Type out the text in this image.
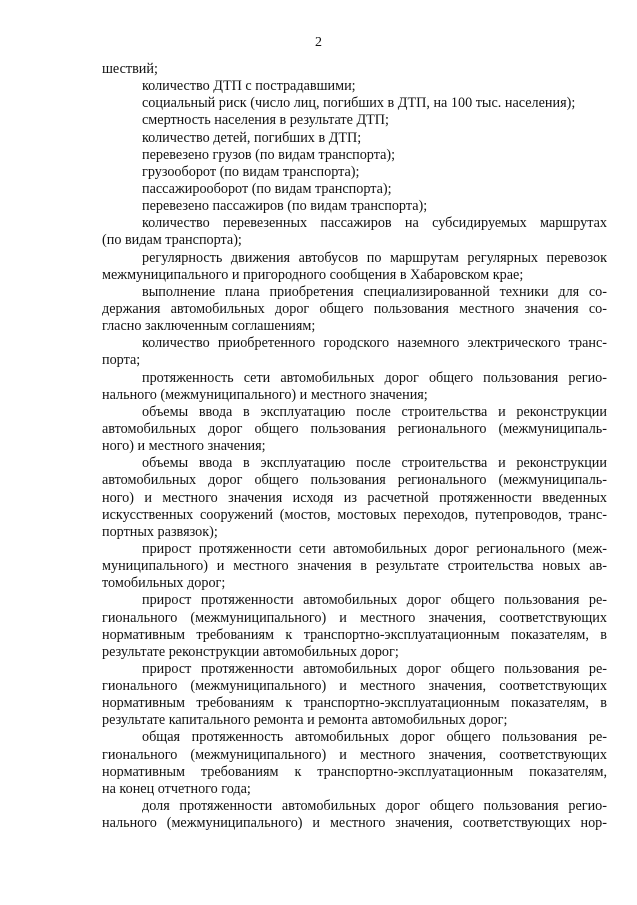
2
шествий;
количество ДТП с пострадавшими;
социальный риск (число лиц, погибших в ДТП, на 100 тыс. населения);
смертность населения в результате ДТП;
количество детей, погибших в ДТП;
перевезено грузов (по видам транспорта);
грузооборот (по видам транспорта);
пассажирооборот (по видам транспорта);
перевезено пассажиров (по видам транспорта);
количество перевезенных пассажиров на субсидируемых маршрутах
(по видам транспорта);
регулярность движения автобусов по маршрутам регулярных перевозок
межмуниципального и пригородного сообщения в Хабаровском крае;
выполнение плана приобретения специализированной техники для со-
держания автомобильных дорог общего пользования местного значения со-
гласно заключенным соглашениям;
количество приобретенного городского наземного электрического транс-
порта;
протяженность сети автомобильных дорог общего пользования регио-
нального (межмуниципального) и местного значения;
объемы ввода в эксплуатацию после строительства и реконструкции
автомобильных дорог общего пользования регионального (межмуниципаль-
ного) и местного значения;
объемы ввода в эксплуатацию после строительства и реконструкции
автомобильных дорог общего пользования регионального (межмуниципаль-
ного) и местного значения исходя из расчетной протяженности введенных
искусственных сооружений (мостов, мостовых переходов, путепроводов, транс-
портных развязок);
прирост протяженности сети автомобильных дорог регионального (меж-
муниципального) и местного значения в результате строительства новых ав-
томобильных дорог;
прирост протяженности автомобильных дорог общего пользования ре-
гионального (межмуниципального) и местного значения, соответствующих
нормативным требованиям к транспортно-эксплуатационным показателям, в
результате реконструкции автомобильных дорог;
прирост протяженности автомобильных дорог общего пользования ре-
гионального (межмуниципального) и местного значения, соответствующих
нормативным требованиям к транспортно-эксплуатационным показателям, в
результате капитального ремонта и ремонта автомобильных дорог;
общая протяженность автомобильных дорог общего пользования ре-
гионального (межмуниципального) и местного значения, соответствующих
нормативным требованиям к транспортно-эксплуатационным показателям,
на конец отчетного года;
доля протяженности автомобильных дорог общего пользования регио-
нального (межмуниципального) и местного значения, соответствующих нор-
